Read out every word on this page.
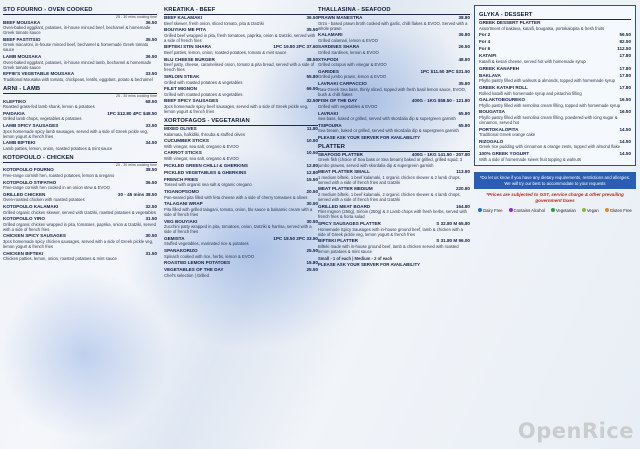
STO FOURNO - OVEN COOKED
25 - 30 mins cooking time
BEEF MOUSAKA	36.50
Oven-baked eggplant, potatoes, in-house minced beef, bechamel & homemade Greek tomato sauce
BEEF PASTITSIO	35.50
Greek macaroni, in-house minced beef, bechamel & homemade Greek tomato sauce
LAMB MOUSAKA	36.50
Oven-baked eggplant, potatoes, in-house minced lamb, bechamel & homemade Greek tomato sauce
EFFIE'S VEGETABLE MOUSAKA	33.50
Traditional Mousaka with tomato, chickpeas, lentils, eggplant, potato & bechamel
ARNI - LAMB
25 - 30 mins cooking time
KLEFTIKO	68.50
Roasted grass-fed lamb shank, lemon & potatoes
PAIDAKIA	1PC $12.80 4PC $48.50
Grilled lamb chops, vegetables & potatoes
LAMB SPICY SAUSAGES	33.50
3pcs homemade spicy lamb sausages, served with a side of Greek pickle veg, lemon yogurt & french fries
LAMB BIFTEKI	34.50
Lamb patties, lemon, onion, roasted potatoes & mint sauce
KOTOPOULO - CHICKEN
25 - 30 mins cooking time
KOTOPOULO FOURNO	38.50
Free-range cornish hen, roasted potatoes, lemon & oregano
KOTOPOULO STIFATHO	36.50
Free-range cornish hen cooked in an onion stew & EVOO
GRILLED CHICKEN	30 - 45 mins 38.50
Oven-roasted chicken with roasted potatoes
KOTOPOULO KALAMAKI	32.50
Grilled organic chicken skewer, served with tzatziki, roasted potatoes & vegetables
KOTOPOULO YIRO	31.50
Grilled organic chicken wrapped in pita, tomatoes, paprika, onion & tzatziki, served with a side of french fries
CHICKEN SPICY SAUSAGES	30.50
3pcs homemade spicy chicken sausages, served with a side of Greek pickle veg, lemon yogurt & french fries
CHICKEN BIFTEKI	31.50
Chicken patties, lemon, onion, roasted potatoes & mint sauce
KREATIKA - BEEF
BEEF KALAMAKI	36.50
Beef skewer, fresh onion, sliced tomato, pita & tzatziki
BOUYIAKI ME PITA	35.50
Grilled beef wrapped in pita, fresh tomatoes, paprika, onion & tzatziki, served with a side of french fries
BIFTEKI STIN SHARA	1PC 19.80 2PC 37.60
Beef patties, lemon, onion, roasted potatoes, tomato & mint sauce
BLU CHEESE BURGER	38.50
Beef patty, cheese, caramelised onion, tomato & pita bread, served with a side of french fries
SIRLOIN STEAK	55.80
Grilled with roasted potatoes & vegetables
FILET MIGNON	66.50
Grilled with roasted potatoes & vegetables
BEEF SPICY SAUSAGES	32.50
3pcs homemade spicy beef sausages, served with a side of Greek pickle veg, lemon yogurt & french fries
XORTOFAGOS - VEGETARIAN
MIXED OLIVES	11.80
Kalamata, halkidiki, throuba & stuffed olives
CUCUMBER STICKS	10.50
With vinegar, sea salt, oregano & EVOO
CARROT STICKS	10.50
With vinegar, sea salt, oregano & EVOO
PICKLED GREEN CHILLI & GHERKINS	12.80
PICKLED VEGETABLES & GHERKINS	12.80
FRENCH FRIES	15.50
Tossed with organic sea salt & organic oregano
TIGANOPSOMO	20.50
Pan-seared pita filled with feta cheese with a side of cherry tomatoes & olives
TALAGANI WRAP	30.50
Pita filled with grilled talagani, tomato, onion, blu sauce & balsamic cream with a side of french fries
VEG BOUYIAKI	30.50
Zucchini patty wrapped in pita, tomatoes, onion, tzatziki & harrisa, served with a side of french fries
GEMISTA	1PC 18.50 2PC 33.50
Stuffed vegetables, marinated rice & potatoes
SPANAKORIZO	25.50
Spinach cooked with rice, herbs, lemon & EVOO
ROASTED LEMON POTATOES	15.80
VEGETABLES OF THE DAY	25.50
Chef's selection | Grilled
THALLASINA - SEAFOOD
PRAWN MANESTRA	38.80
Orzo - based prawn broth cooked with garlic, chilli flakes & EVOO. Served with a whole prawn
KALAMARI	36.80
Grilled calamari, lemon & EVOO
SARDINES SHARA	26.50
Grilled Sardines, lemon & EVOO
XTAPODI	48.80
Grilled octopus with vinegar & EVOO
GARIDES	1PC $11.50 3PC $31.50
Grilled jumbo prawn, lemon & EVOO
LAVRAKI CARPACCIO	35.80
Raw Greek Sea bass, thinly sliced, topped with fresh basil lemon sauce, EVOO, bush & chilli flakes
FISH OF THE DAY	400G - 1KG $58.50 - 121.80
Grilled with vegetables & EVOO
LAVRAKI	65.80
Sea bass, baked or grilled, served with skordalia dip & supergreen garnish
TSIPOURA	65.80
Sea bream, baked or grilled, served with skordalia dip & supergreen garnish
PLEASE ASK YOUR SERVER FOR AVAILABILITY
PLATTER
SEAFOOD PLATTER	400G - 1KG 141.50 - 207.80
Greek fish (choice of Sea bass or Sea bream) baked or grilled, grilled squid, 3 jumbo prawns, served with skordalia dip & supergreen garnish
MEAT PLATTER SMALL	113.80
1 medium bifteki, 1 beef kalamaki, 1 organic chicken skewer & 2 lamb chops, served with a side of french fries and tzatziki
MEAT PLATTER MEDIUM	220.80
2 medium bifteki, 1 beef kalamaki, 2 organic chicken skewer & 4 lamb chops, served with a side of french fries and tzatziki
GRILLED MEAT BOARD	164.80
Filet mignon (250g), Sirloin (250g) & 3 Lamb chops with fresh herbs, served with french fries & horta salad
SPICY SAUSAGES PLATTER	S 32.80 M 65.80
Homemade Spicy Sausages with in-house ground beef, lamb & chicken with a side of Greek pickle veg, lemon yogurt & french fries
BIFTEKI PLATTER	S 31.80 M 96.00
Bifteki made with in-house ground beef, lamb & chicken served with roasted lemon potatoes & mint sauce
Small - 1 of each | Medium - 2 of each
PLEASE ASK YOUR SERVER FOR AVAILABILITY
GLYKA - DESSERT
GREEK DESSERT PLATTER
Assortment of baklava, kataifi, bougatsa, portokalopita & fresh fruits
For 2	56.50
For 4	82.50
For 6	112.50
KATAIFI	17.80
Kataifi & kesari cheese, served hot with homemade syrup
GREEK KANAFEH	17.80
BAKLAVA	17.80
Phyllo pastry filled with walnuts & almonds, topped with homemade syrup
GREEK KATAIFI ROLL	17.80
Rolled kataifi with homemade syrup and pistachio filling
GALAKTOBOUREKO	16.50
Phyllo pastry filled with semolina cream filling, topped with homemade syrup
BOUGATSA	16.50
Phyllo pastry filled with semolina cream filling, powdered with icing sugar & cinnamon, served hot
PORTOKALOPITA	14.50
Traditional Greek orange cake
RIZOGALO	14.50
Greek rice pudding with cinnamon & orange zests, topped with almond flake
100% GREEK YOGURT	14.50
With a side of homemade sweet fruit topping & walnuts
*Do let us know if you have any dietary requirements, restrictions and allergies. We will try our best to accommodate to your requests
*Prices are subjected to GST, service charge & other prevailing government taxes
Dairy Free	Contains Alcohol	Vegetarian	Vegan	Gluten Free
OpenRice
